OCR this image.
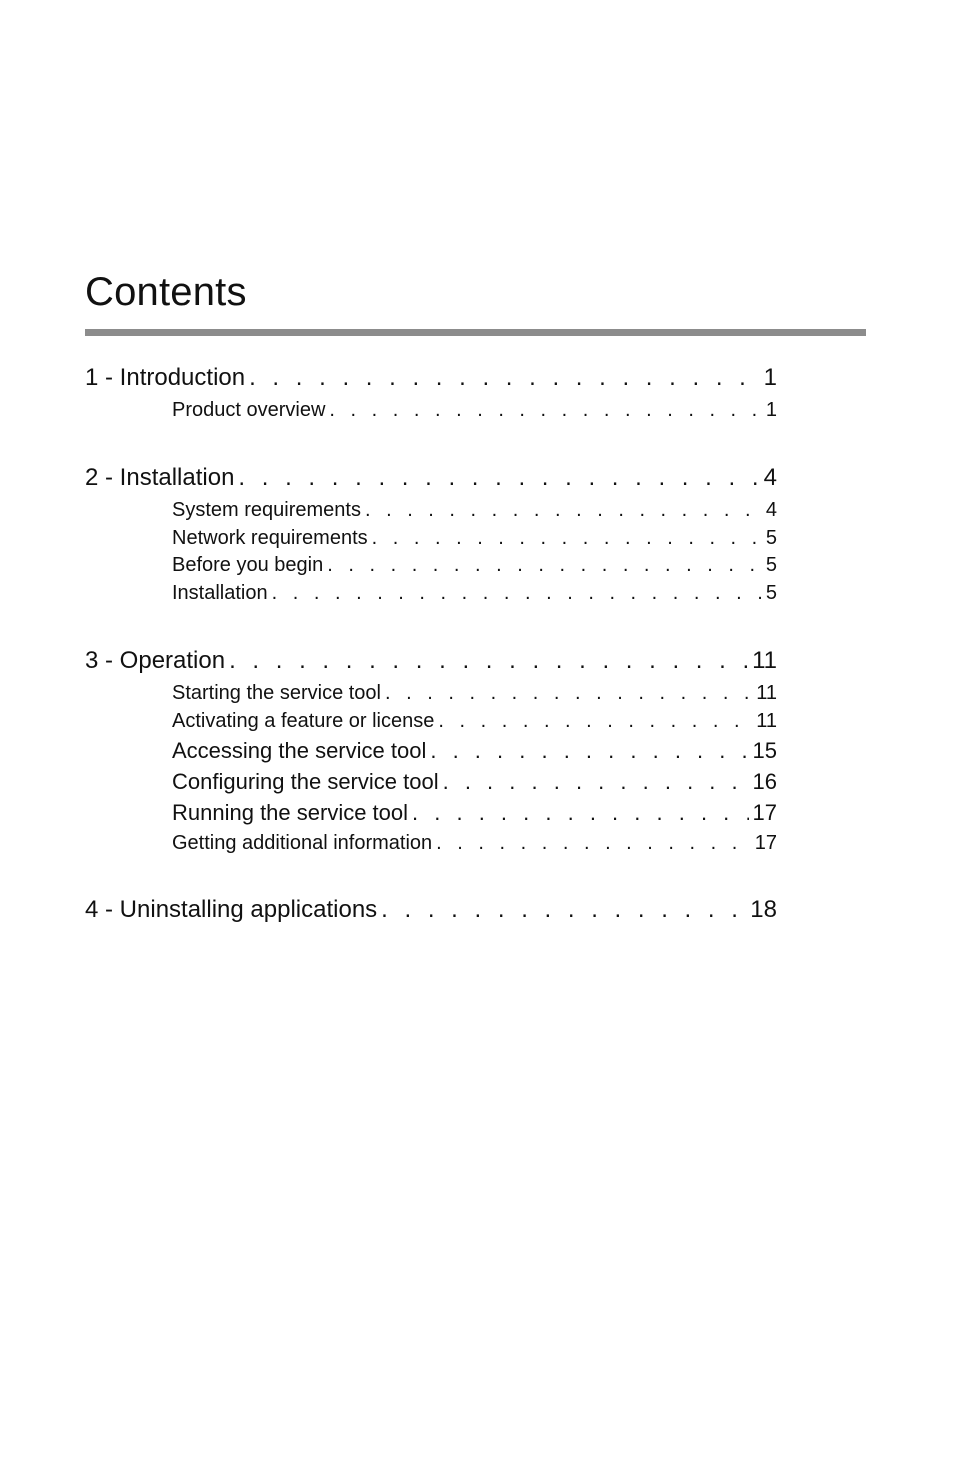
Contents
1 - Introduction . . .	1
Product overview . . .	1
2 - Installation . . .	4
System requirements . . .	4
Network requirements . . .	5
Before you begin . . .	5
Installation . . .	5
3 - Operation . . .	11
Starting the service tool . . .	11
Activating a feature or license . . .	11
Accessing the service tool . . .	15
Configuring the service tool . . .	16
Running the service tool . . .	17
Getting additional information . . .	17
4 - Uninstalling applications . . .	18
